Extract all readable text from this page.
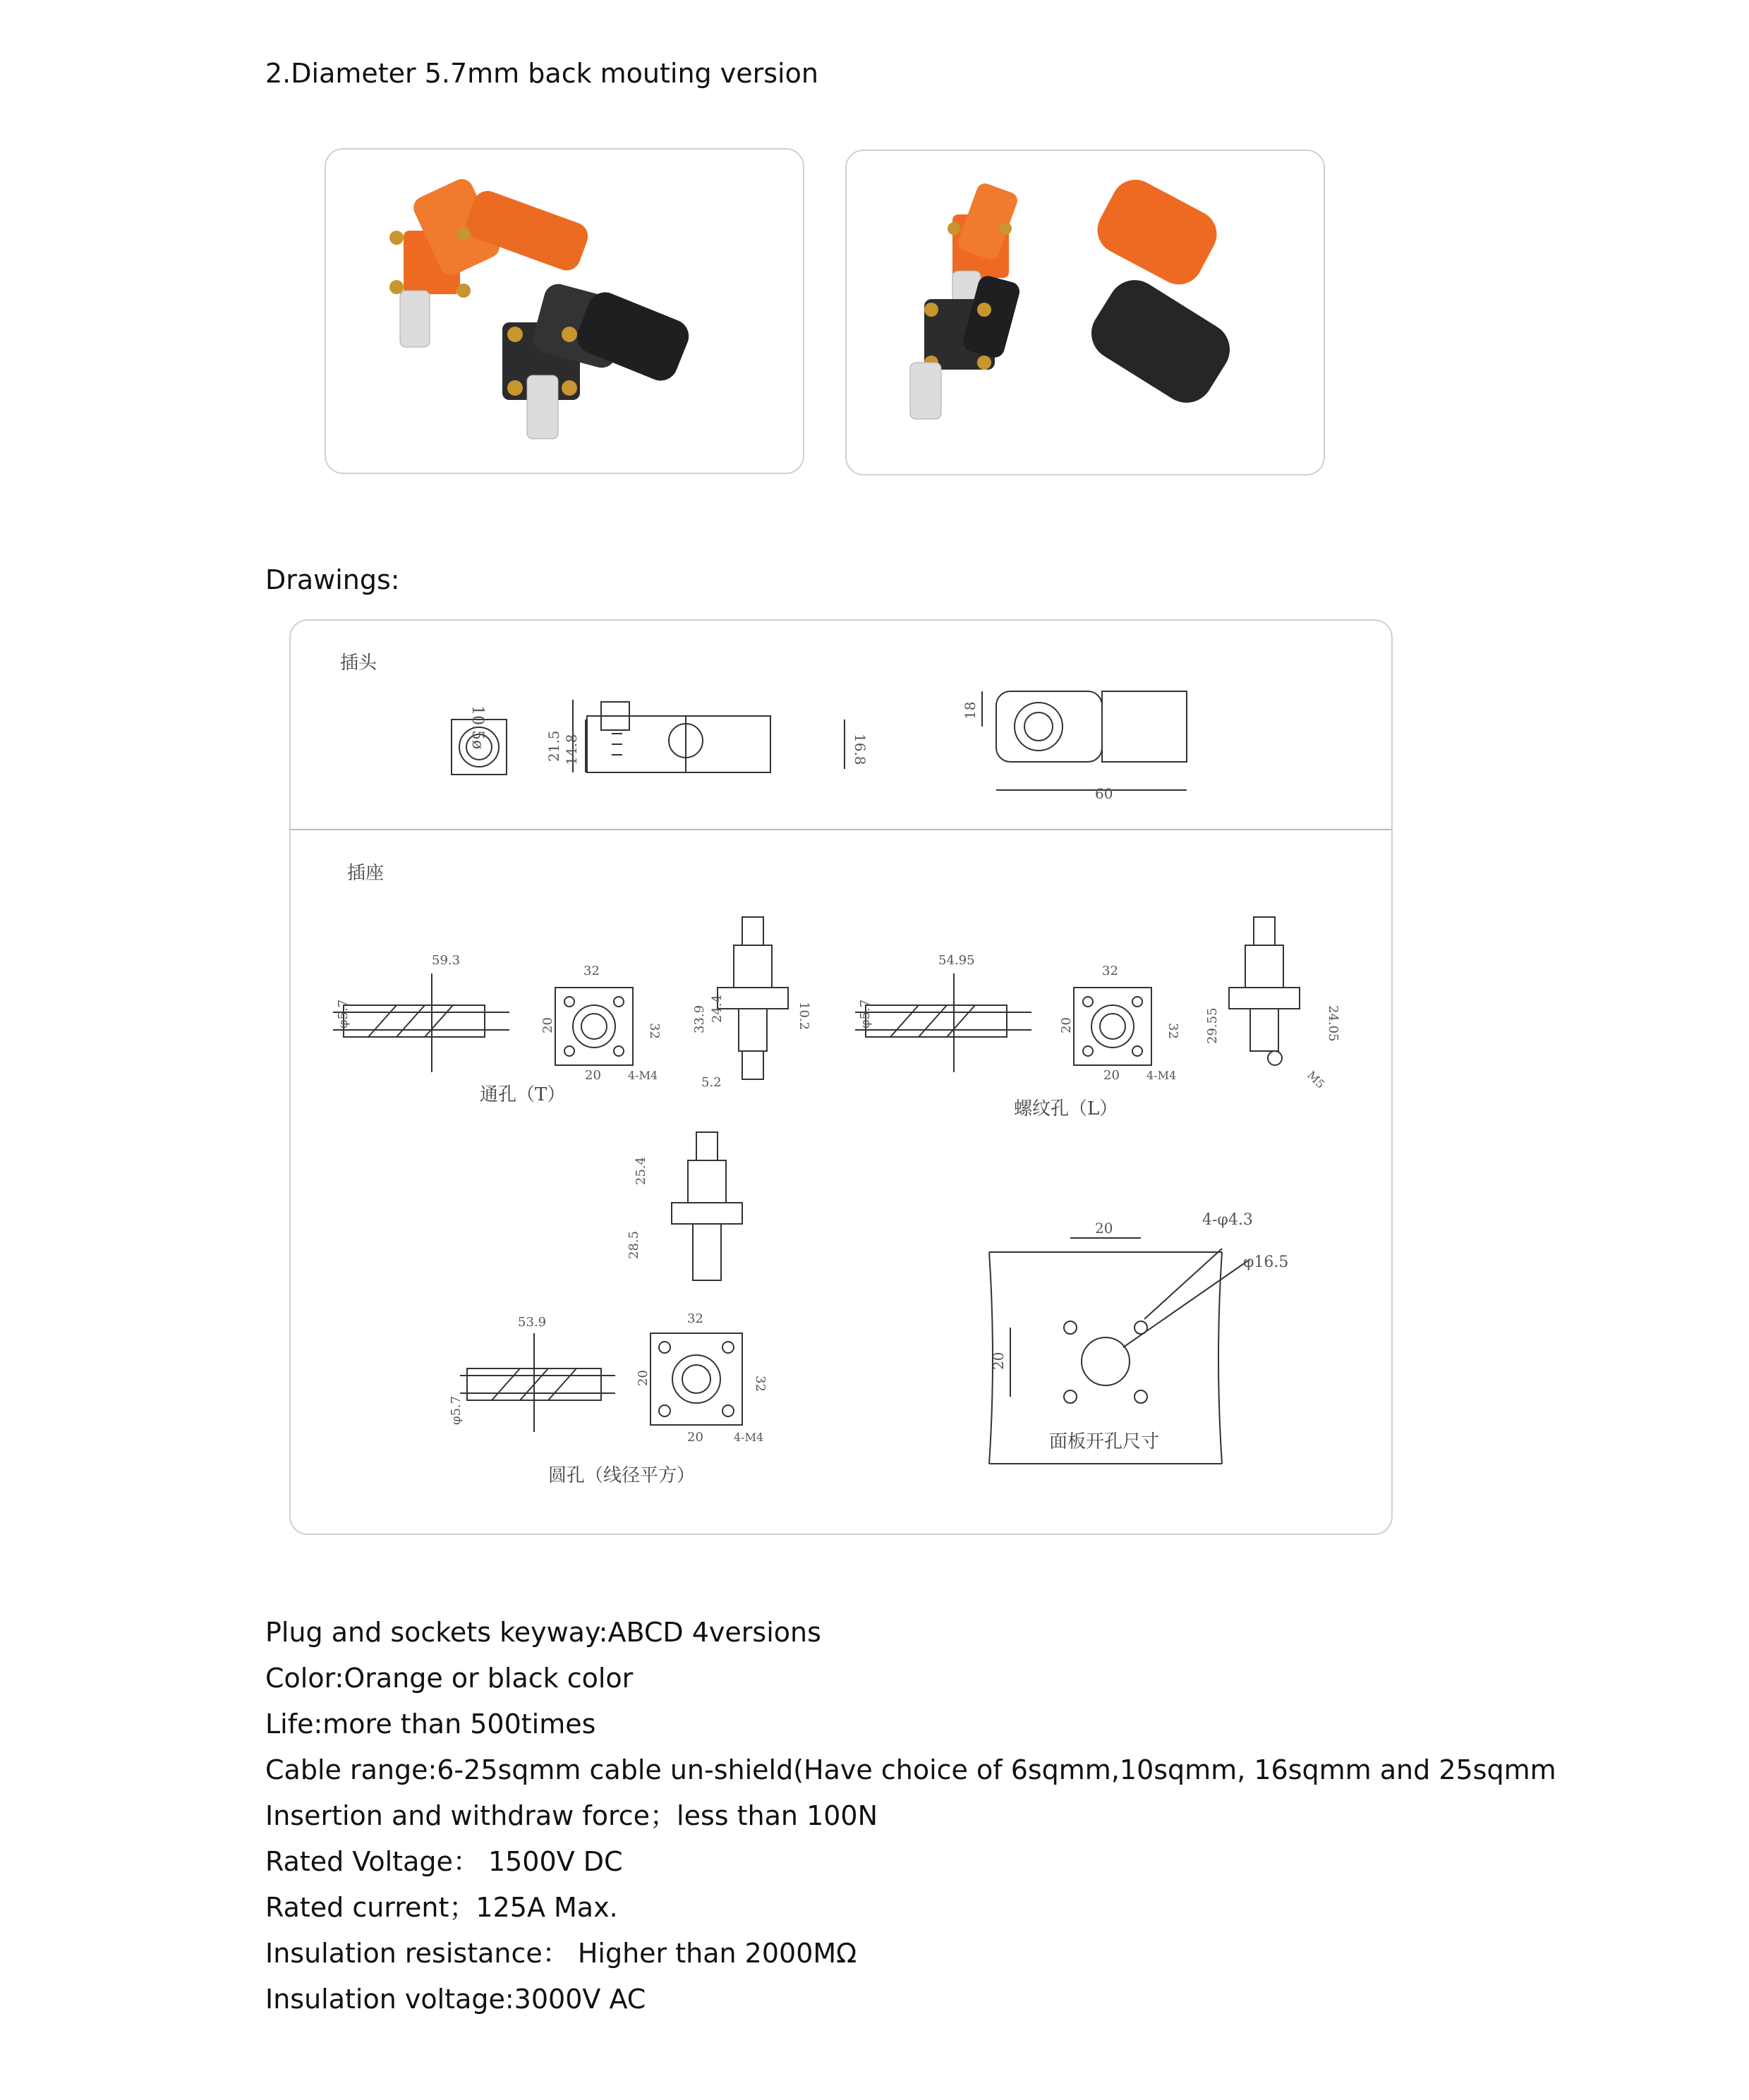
2.Diameter 5.7mm back mouting version
Drawings:
插头
10.5ø	21.5 14.8	16.8
18
60
插座
59.3
φ5.7
32
32
20
20 4-M4
33.9 24.4	10.2
5.2
通孔（T）
54.95
φ5.7
32
32
20
20 4-M4
29.55	24.05
M5
螺纹孔（L）
25.4
28.5
53.9
φ5.7
32
32
20
20	4-M4
圆孔（线径平方）
20
20
4-φ4.3
φ16.5
面板开孔尺寸
Plug and sockets keyway:ABCD 4versions
Color:Orange or black color
Life:more than 500times
Cable range:6-25sqmm cable un-shield(Have choice of 6sqmm,10sqmm, 16sqmm and 25sqmm
Insertion and withdraw force；less than 100N
Rated Voltage： 1500V DC
Rated current；125A Max.
Insulation resistance： Higher than 2000MΩ
Insulation voltage:3000V AC
